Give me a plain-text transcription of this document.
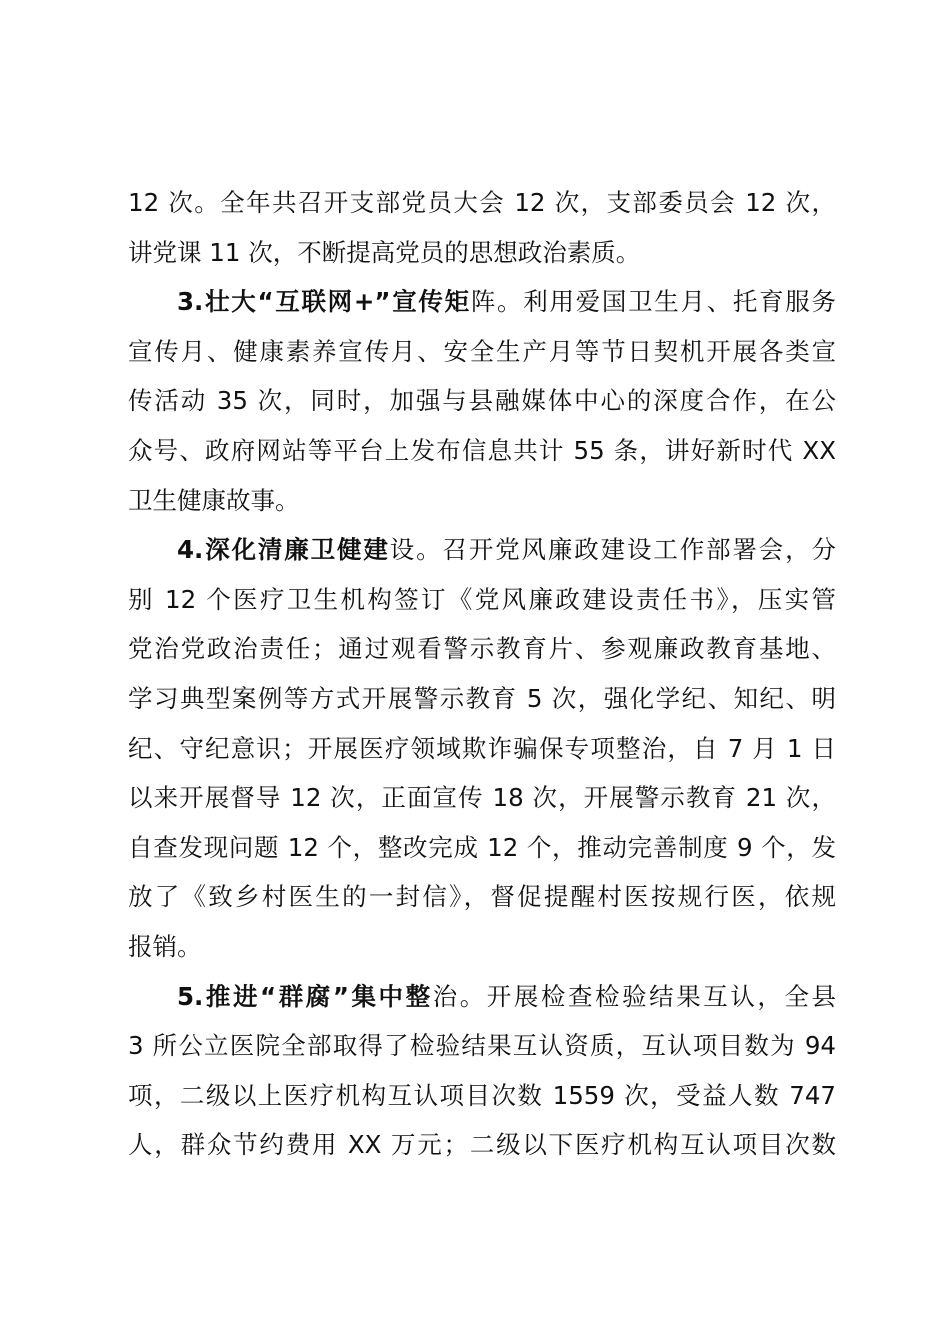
12 次。全年共召开支部党员大会 12 次，支部委员会 12 次，
讲党课 11 次，不断提高党员的思想政治素质。
3.壮大“互联网+”宣传矩阵。利用爱国卫生月、托育服务
宣传月、健康素养宣传月、安全生产月等节日契机开展各类宣
传活动 35 次，同时，加强与县融媒体中心的深度合作，在公
众号、政府网站等平台上发布信息共计 55 条，讲好新时代 XX
卫生健康故事。
4.深化清廉卫健建设。召开党风廉政建设工作部署会，分
别 12 个医疗卫生机构签订《党风廉政建设责任书》，压实管
党治党政治责任；通过观看警示教育片、参观廉政教育基地、
学习典型案例等方式开展警示教育 5 次，强化学纪、知纪、明
纪、守纪意识；开展医疗领域欺诈骗保专项整治，自 7 月 1 日
以来开展督导 12 次，正面宣传 18 次，开展警示教育 21 次，
自查发现问题 12 个，整改完成 12 个，推动完善制度 9 个，发
放了《致乡村医生的一封信》，督促提醒村医按规行医，依规
报销。
5.推进“群腐”集中整治。开展检查检验结果互认，全县
3 所公立医院全部取得了检验结果互认资质，互认项目数为 94
项，二级以上医疗机构互认项目次数 1559 次，受益人数 747
人，群众节约费用 XX 万元；二级以下医疗机构互认项目次数
